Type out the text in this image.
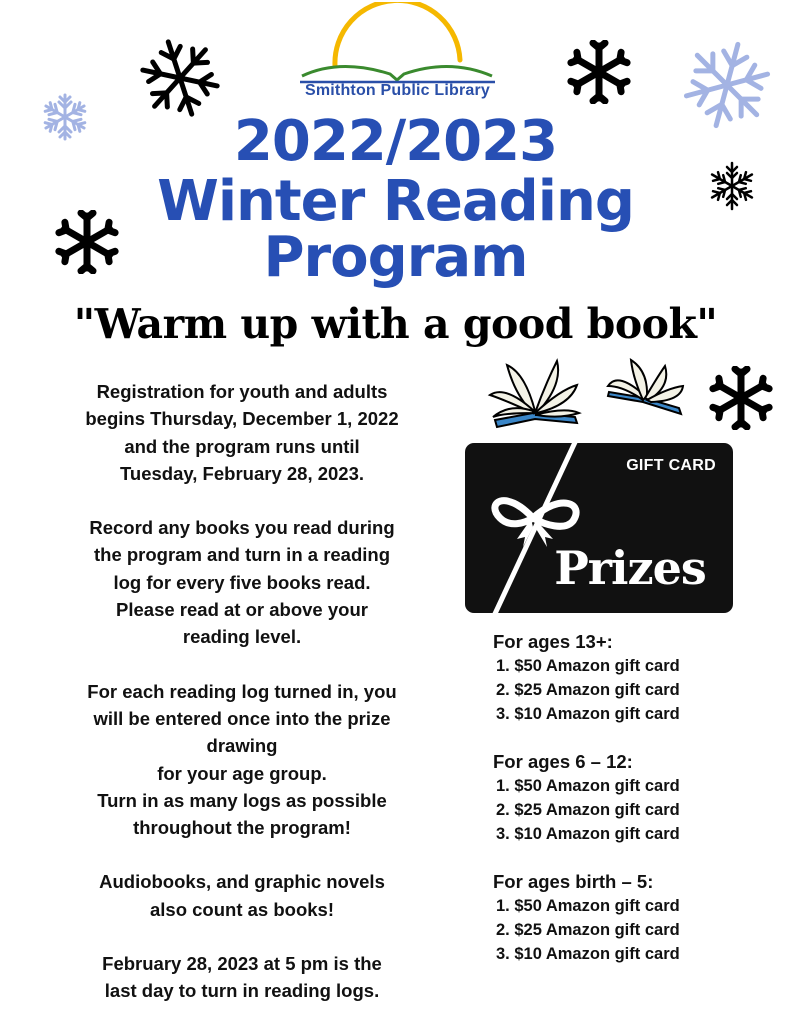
Smithton Public Library
2022/2023
Winter Reading
Program
"Warm up with a good book"

Registration for youth and adults

begins Thursday, December 1, 2022

and the program runs until

Tuesday, February 28, 2023.

Record any books you read during

the program and turn in a reading

log for every five books read.

Please read at or above your

reading level.

For each reading log turned in, you

will be entered once into the prize

drawing

for your age group.

Turn in as many logs as possible

throughout the program!

Audiobooks, and graphic novels

also count as books!

February 28, 2023 at 5 pm is the

last day to turn in reading logs.

GIFT CARD
Prizes
For ages 13+:
1. $50 Amazon gift card
2. $25 Amazon gift card
3. $10 Amazon gift card
For ages 6 – 12:
1. $50 Amazon gift card
2. $25 Amazon gift card
3. $10 Amazon gift card
For ages birth – 5:
1. $50 Amazon gift card
2. $25 Amazon gift card
3. $10 Amazon gift card
